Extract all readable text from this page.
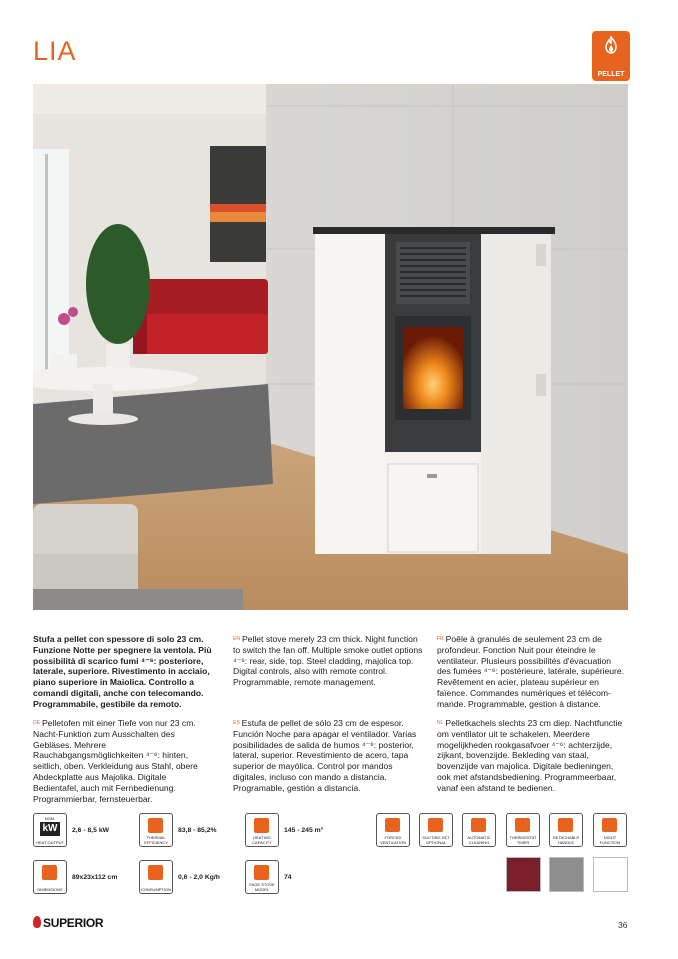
LIA
PELLET
Stufa a pellet con spessore di solo 23 cm. Funzione Notte per spegnere la ventola. Più possibilità di scarico fumi ⁴⁻⁶: posteriore, laterale, superiore. Rivestimento in acciaio, piano superiore in Maiolica. Controllo a comandi digitali, anche con telecomando. Programmabile, gestibile da remoto.
$^{DE}$ Pelletofen mit einer Tiefe von nur 23 cm. Nacht-Funktion zum Ausschalten des Gebläses. Mehrere Rauchabgangsmöglichkeiten ⁴⁻⁶: hinten, seitlich, oben. Verkleidung aus Stahl, obere Abdeckplatte aus Majolika. Digitale Bedientafel, auch mit Fernbedienung. Programmierbar, fernsteuerbar.
$^{EN}$ Pellet stove merely 23 cm thick. Night function to switch the fan off. Multiple smoke outlet options ⁴⁻⁶: rear, side, top. Steel cladding, majolica top. Digital controls, also with remote control. Programmable, remote management.
$^{ES}$ Estufa de pellet de sólo 23 cm de espesor. Función Noche para apagar el ventilador. Varias posibilidades de salida de humos ⁴⁻⁶: posterior, lateral, superior. Revestimiento de acero, tapa superior de mayólica. Control por mandos digitales, incluso con mando a distancia. Programable, gestión a distancia.
$^{FR}$ Poêle à granulés de seulement 23 cm de profondeur. Fonction Nuit pour éteindre le ventilateur. Plusieurs possibilités d'évacuation des fumées ⁴⁻⁶: postérieure, latérale, supérieure. Revêtement en acier, plateau supérieur en faïence. Commandes numériques et télécommande. Programmable, gestion à distance.
$^{NL}$ Pelletkachels slechts 23 cm diep. Nachtfunctie om ventilator uit te schakelen. Meerdere mogelijkheden rookgasafvoer ⁴⁻⁶: achterzijde, zijkant, bovenzijde. Bekleding van staal, bovenzijde van majolica. Digitale bedieningen, ook met afstandsbediening. Programmeerbaar, vanaf een afstand te bedienen.
NOM.
kW
HEAT OUTPUT
2,6 - 8,5 kW
THERMAL EFFICIENCY
83,8 - 85,2%
HEATING CAPACITY
145 - 245 m³
DIMENSIONS
89x23x112 cm
CONSUMPTION
0,6 - 2,0 Kg/h
PAGE STOVE MODEL
74
FORCED VENTILATION
DUCTING SET OPTIONAL
AUTOMATIC CLEANING
THERMOSTAT TIMER
DETACHABLE HANDLE
NIGHT FUNCTION
SUPERIOR	36
